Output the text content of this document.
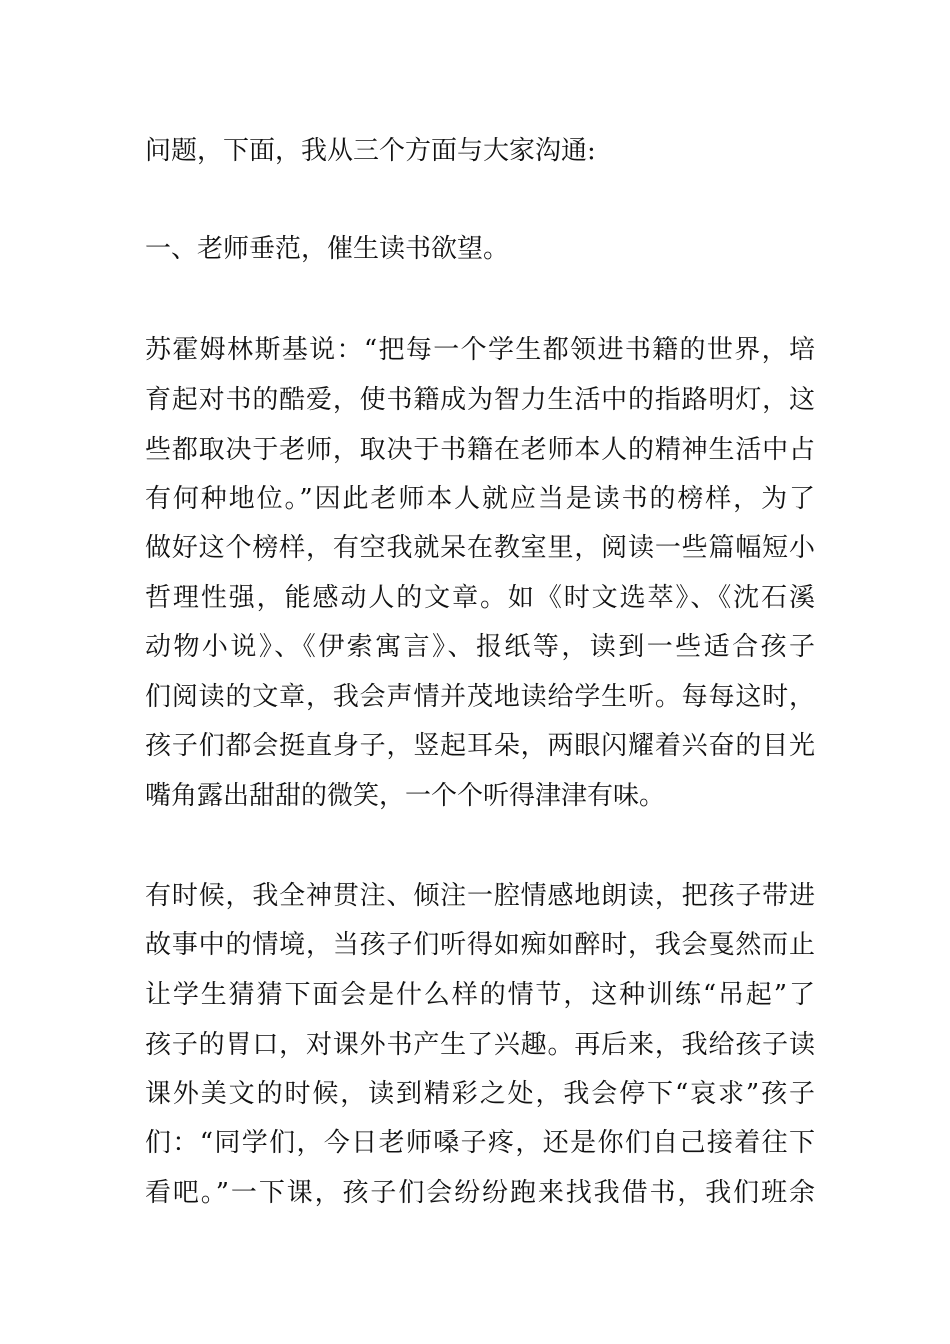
问题，下面，我从三个方面与大家沟通:

一、老师垂范，催生读书欲望。

苏霍姆林斯基说：“把每一个学生都领进书籍的世界，培

育起对书的酷爱，使书籍成为智力生活中的指路明灯，这

些都取决于老师，取决于书籍在老师本人的精神生活中占

有何种地位。”因此老师本人就应当是读书的榜样，为了

做好这个榜样，有空我就呆在教室里，阅读一些篇幅短小

哲理性强，能感动人的文章。如《时文选萃》、《沈石溪

动物小说》、《伊索寓言》、报纸等，读到一些适合孩子

们阅读的文章，我会声情并茂地读给学生听。每每这时，

孩子们都会挺直身子，竖起耳朵，两眼闪耀着兴奋的目光

嘴角露出甜甜的微笑，一个个听得津津有味。

有时候，我全神贯注、倾注一腔情感地朗读，把孩子带进

故事中的情境，当孩子们听得如痴如醉时，我会戛然而止

让学生猜猜下面会是什么样的情节，这种训练“吊起”了

孩子的胃口，对课外书产生了兴趣。再后来，我给孩子读

课外美文的时候，读到精彩之处，我会停下“哀求”孩子

们：“同学们，今日老师嗓子疼，还是你们自己接着往下

看吧。”一下课，孩子们会纷纷跑来找我借书，我们班余
